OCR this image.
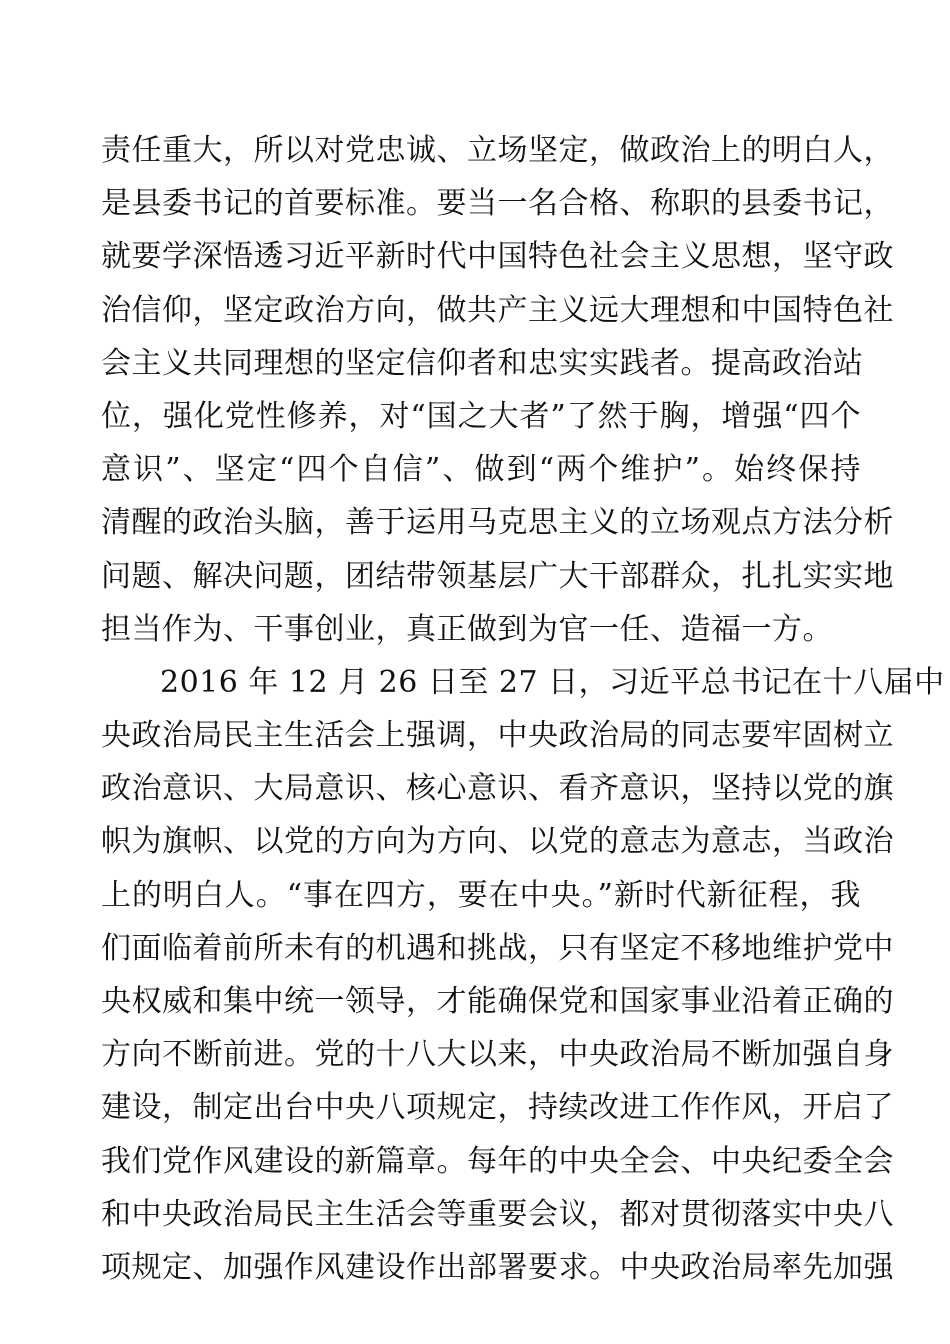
责任重大，所以对党忠诚、立场坚定，做政治上的明白人，
是县委书记的首要标准。要当一名合格、称职的县委书记，
就要学深悟透习近平新时代中国特色社会主义思想，坚守政
治信仰，坚定政治方向，做共产主义远大理想和中国特色社
会主义共同理想的坚定信仰者和忠实实践者。提高政治站
位，强化党性修养，对“国之大者”了然于胸，增强“四个
意识”、坚定“四个自信”、做到“两个维护”。始终保持
清醒的政治头脑，善于运用马克思主义的立场观点方法分析
问题、解决问题，团结带领基层广大干部群众，扎扎实实地
担当作为、干事创业，真正做到为官一任、造福一方。
2016 年 12 月 26 日至 27 日，习近平总书记在十八届中
央政治局民主生活会上强调，中央政治局的同志要牢固树立
政治意识、大局意识、核心意识、看齐意识，坚持以党的旗
帜为旗帜、以党的方向为方向、以党的意志为意志，当政治
上的明白人。“事在四方，要在中央。”新时代新征程，我
们面临着前所未有的机遇和挑战，只有坚定不移地维护党中
央权威和集中统一领导，才能确保党和国家事业沿着正确的
方向不断前进。党的十八大以来，中央政治局不断加强自身
建设，制定出台中央八项规定，持续改进工作作风，开启了
我们党作风建设的新篇章。每年的中央全会、中央纪委全会
和中央政治局民主生活会等重要会议，都对贯彻落实中央八
项规定、加强作风建设作出部署要求。中央政治局率先加强
